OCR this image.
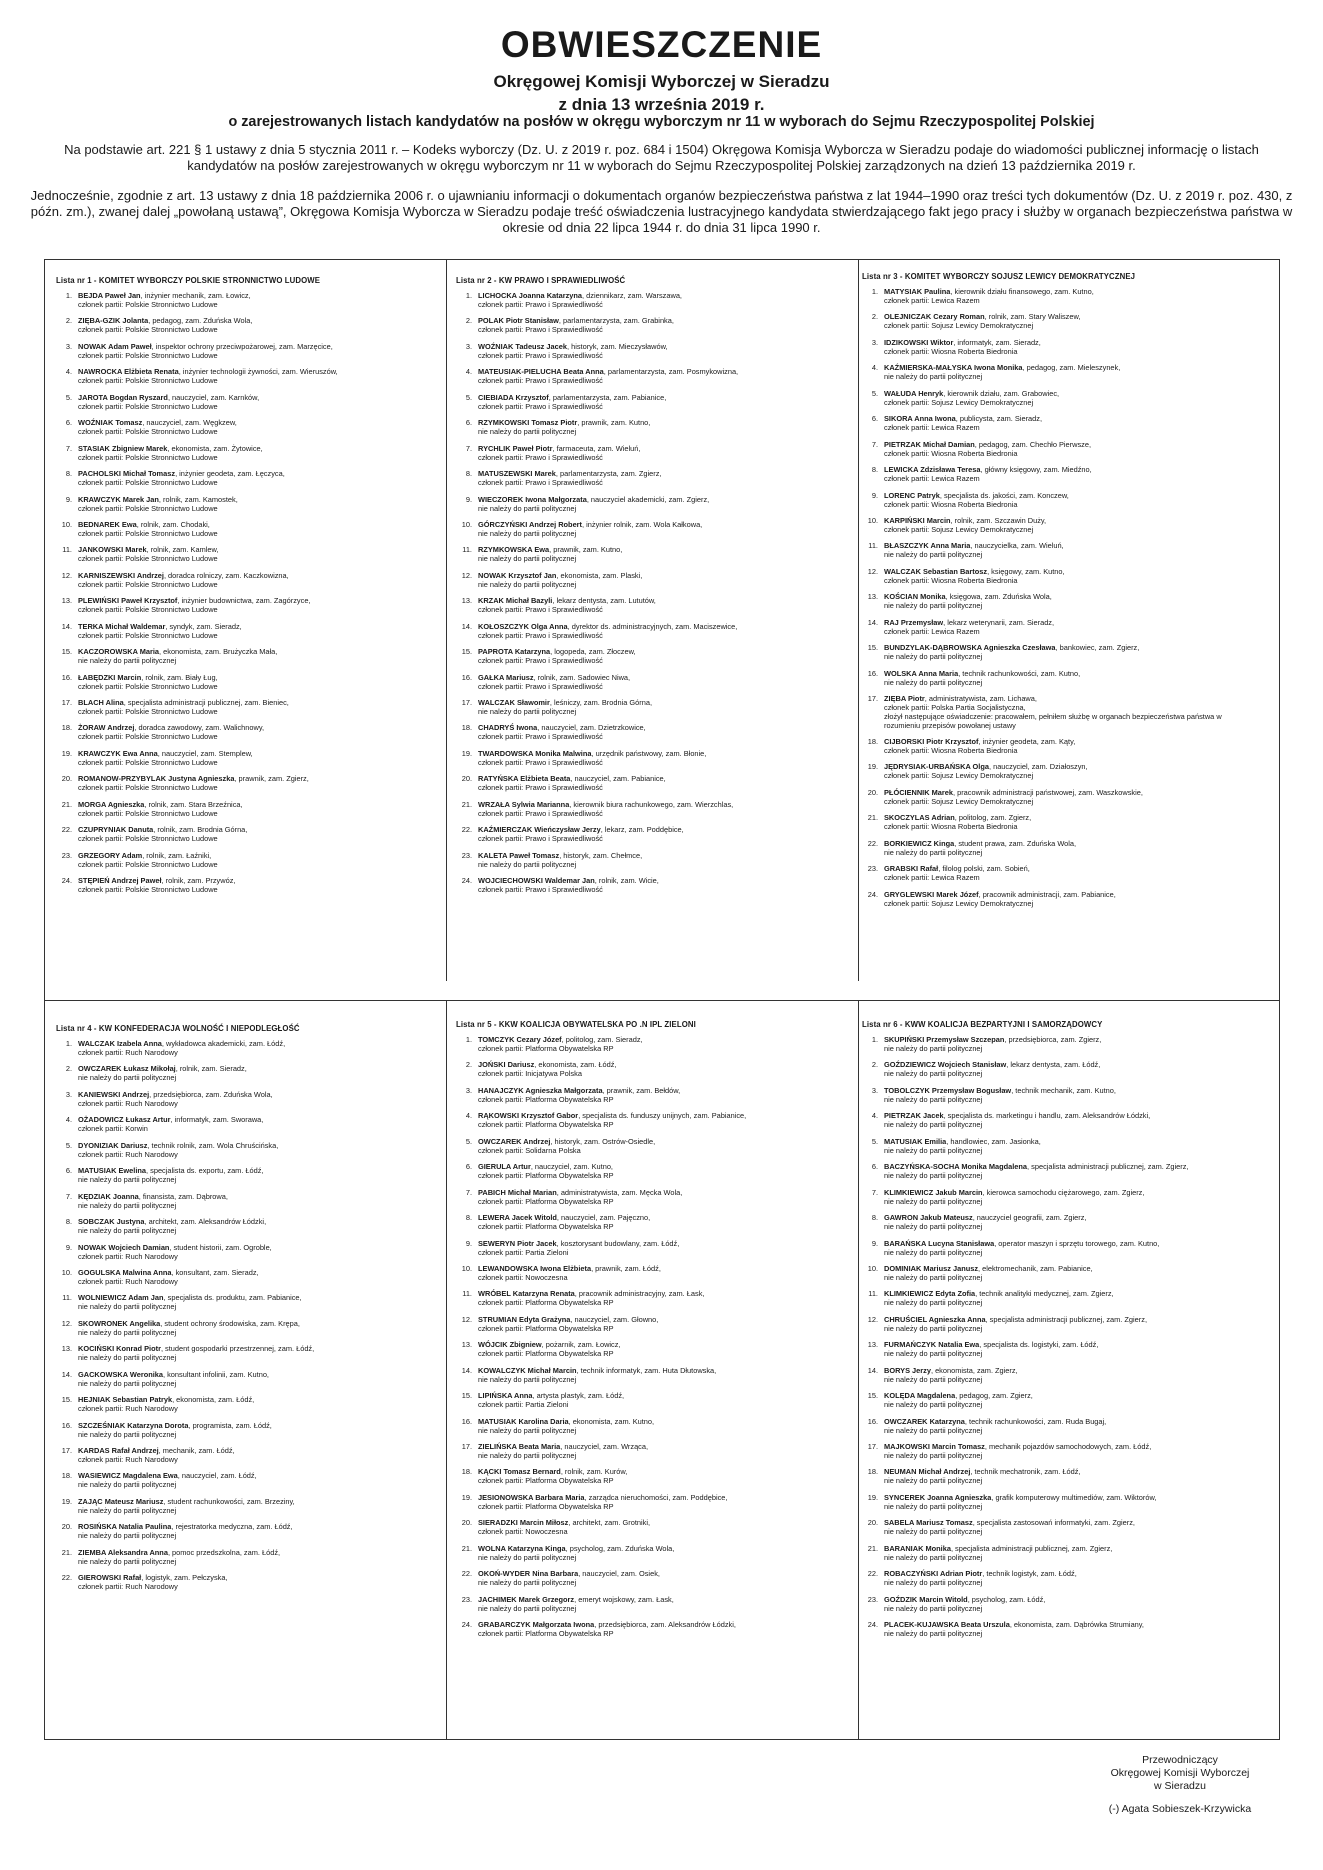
OBWIESZCZENIE
Okręgowej Komisji Wyborczej w Sieradzu
z dnia 13 września 2019 r.
o zarejestrowanych listach kandydatów na posłów w okręgu wyborczym nr 11 w wyborach do Sejmu Rzeczypospolitej Polskiej
Na podstawie art. 221 § 1 ustawy z dnia 5 stycznia 2011 r. – Kodeks wyborczy (Dz. U. z 2019 r. poz. 684 i 1504) Okręgowa Komisja Wyborcza w Sieradzu podaje do wiadomości publicznej informację o listach kandydatów na posłów zarejestrowanych w okręgu wyborczym nr 11 w wyborach do Sejmu Rzeczypospolitej Polskiej zarządzonych na dzień 13 października 2019 r.
Jednocześnie, zgodnie z art. 13 ustawy z dnia 18 października 2006 r. o ujawnianiu informacji o dokumentach organów bezpieczeństwa państwa z lat 1944–1990 oraz treści tych dokumentów (Dz. U. z 2019 r. poz. 430, z późn. zm.), zwanej dalej „powołaną ustawą”, Okręgowa Komisja Wyborcza w Sieradzu podaje treść oświadczenia lustracyjnego kandydata stwierdzającego fakt jego pracy i służby w organach bezpieczeństwa państwa w okresie od dnia 22 lipca 1944 r. do dnia 31 lipca 1990 r.
Lista nr 1 - KOMITET WYBORCZY POLSKIE STRONNICTWO LUDOWE
1. BEJDA Paweł Jan, inżynier mechanik, zam. Łowicz,
członek partii: Polskie Stronnictwo Ludowe
2. ZIĘBA-GZIK Jolanta, pedagog, zam. Zduńska Wola,
członek partii: Polskie Stronnictwo Ludowe
3. NOWAK Adam Paweł, inspektor ochrony przeciwpożarowej, zam. Marzęcice,
członek partii: Polskie Stronnictwo Ludowe
4. NAWROCKA Elżbieta Renata, inżynier technologii żywności, zam. Wieruszów,
członek partii: Polskie Stronnictwo Ludowe
5. JAROTA Bogdan Ryszard, nauczyciel, zam. Karnków,
członek partii: Polskie Stronnictwo Ludowe
6. WOŹNIAK Tomasz, nauczyciel, zam. Węgkzew,
członek partii: Polskie Stronnictwo Ludowe
7. STASIAK Zbigniew Marek, ekonomista, zam. Żytowice,
członek partii: Polskie Stronnictwo Ludowe
8. PACHOLSKI Michał Tomasz, inżynier geodeta, zam. Łęczyca,
członek partii: Polskie Stronnictwo Ludowe
9. KRAWCZYK Marek Jan, rolnik, zam. Kamostek,
członek partii: Polskie Stronnictwo Ludowe
10. BEDNAREK Ewa, rolnik, zam. Chodaki,
członek partii: Polskie Stronnictwo Ludowe
11. JANKOWSKI Marek, rolnik, zam. Kamlew,
członek partii: Polskie Stronnictwo Ludowe
12. KARNISZEWSKI Andrzej, doradca rolniczy, zam. Kaczkowizna,
członek partii: Polskie Stronnictwo Ludowe
13. PLEWIŃSKI Paweł Krzysztof, inżynier budownictwa, zam. Zagórzyce,
członek partii: Polskie Stronnictwo Ludowe
14. TERKA Michał Waldemar, syndyk, zam. Sieradz,
członek partii: Polskie Stronnictwo Ludowe
15. KACZOROWSKA Maria, ekonomista, zam. Brużyczka Mała,
nie należy do partii politycznej
16. ŁABĘDZKI Marcin, rolnik, zam. Biały Ług,
członek partii: Polskie Stronnictwo Ludowe
17. BLACH Alina, specjalista administracji publicznej, zam. Bieniec,
członek partii: Polskie Stronnictwo Ludowe
18. ŻORAW Andrzej, doradca zawodowy, zam. Walichnowy,
członek partii: Polskie Stronnictwo Ludowe
19. KRAWCZYK Ewa Anna, nauczyciel, zam. Stemplew,
członek partii: Polskie Stronnictwo Ludowe
20. ROMANOW-PRZYBYLAK Justyna Agnieszka, prawnik, zam. Zgierz,
członek partii: Polskie Stronnictwo Ludowe
21. MORGA Agnieszka, rolnik, zam. Stara Brzeźnica,
członek partii: Polskie Stronnictwo Ludowe
22. CZUPRYNIAK Danuta, rolnik, zam. Brodnia Górna,
członek partii: Polskie Stronnictwo Ludowe
23. GRZEGORY Adam, rolnik, zam. Łaźniki,
członek partii: Polskie Stronnictwo Ludowe
24. STĘPIEŃ Andrzej Paweł, rolnik, zam. Przywóz,
członek partii: Polskie Stronnictwo Ludowe
Lista nr 2 - KW PRAWO I SPRAWIEDLIWOŚĆ
1. LICHOCKA Joanna Katarzyna, dziennikarz, zam. Warszawa,
członek partii: Prawo i Sprawiedliwość
2. POLAK Piotr Stanisław, parlamentarzysta, zam. Grabinka,
członek partii: Prawo i Sprawiedliwość
3. WOŹNIAK Tadeusz Jacek, historyk, zam. Mieczysławów,
członek partii: Prawo i Sprawiedliwość
4. MATEUSIAK-PIELUCHA Beata Anna, parlamentarzysta, zam. Posmykowizna,
członek partii: Prawo i Sprawiedliwość
5. CIEBIADA Krzysztof, parlamentarzysta, zam. Pabianice,
członek partii: Prawo i Sprawiedliwość
6. RZYMKOWSKI Tomasz Piotr, prawnik, zam. Kutno,
nie należy do partii politycznej
7. RYCHLIK Paweł Piotr, farmaceuta, zam. Wieluń,
członek partii: Prawo i Sprawiedliwość
8. MATUSZEWSKI Marek, parlamentarzysta, zam. Zgierz,
członek partii: Prawo i Sprawiedliwość
9. WIECZOREK Iwona Małgorzata, nauczyciel akademicki, zam. Zgierz,
nie należy do partii politycznej
10. GÓRCZYŃSKI Andrzej Robert, inżynier rolnik, zam. Wola Kałkowa,
nie należy do partii politycznej
11. RZYMKOWSKA Ewa, prawnik, zam. Kutno,
nie należy do partii politycznej
12. NOWAK Krzysztof Jan, ekonomista, zam. Plaski,
nie należy do partii politycznej
13. KRZAK Michał Bazyli, lekarz dentysta, zam. Lututów,
członek partii: Prawo i Sprawiedliwość
14. KOŁOSZCZYK Olga Anna, dyrektor ds. administracyjnych, zam. Maciszewice,
członek partii: Prawo i Sprawiedliwość
15. PAPROTA Katarzyna, logopeda, zam. Złoczew,
członek partii: Prawo i Sprawiedliwość
16. GAŁKA Mariusz, rolnik, zam. Sadowiec Niwa,
członek partii: Prawo i Sprawiedliwość
17. WALCZAK Sławomir, leśniczy, zam. Brodnia Górna,
nie należy do partii politycznej
18. CHADRYŚ Iwona, nauczyciel, zam. Dzietrzkowice,
członek partii: Prawo i Sprawiedliwość
19. TWARDOWSKA Monika Malwina, urzędnik państwowy, zam. Błonie,
członek partii: Prawo i Sprawiedliwość
20. RATYŃSKA Elżbieta Beata, nauczyciel, zam. Pabianice,
członek partii: Prawo i Sprawiedliwość
21. WRZAŁA Sylwia Marianna, kierownik biura rachunkowego, zam. Wierzchlas,
członek partii: Prawo i Sprawiedliwość
22. KAŹMIERCZAK Wieńczysław Jerzy, lekarz, zam. Poddębice,
członek partii: Prawo i Sprawiedliwość
23. KALETA Paweł Tomasz, historyk, zam. Chełmce,
nie należy do partii politycznej
24. WOJCIECHOWSKI Waldemar Jan, rolnik, zam. Wicie,
członek partii: Prawo i Sprawiedliwość
Lista nr 3 - KOMITET WYBORCZY SOJUSZ LEWICY DEMOKRATYCZNEJ
1. MATYSIAK Paulina, kierownik działu finansowego, zam. Kutno,
członek partii: Lewica Razem
2. OLEJNICZAK Cezary Roman, rolnik, zam. Stary Waliszew,
członek partii: Sojusz Lewicy Demokratycznej
3. IDZIKOWSKI Wiktor, informatyk, zam. Sieradz,
członek partii: Wiosna Roberta Biedronia
4. KAŹMIERSKA-MAŁYSKA Iwona Monika, pedagog, zam. Mieleszynek,
nie należy do partii politycznej
5. WAŁUDA Henryk, kierownik działu, zam. Grabowiec,
członek partii: Sojusz Lewicy Demokratycznej
6. SIKORA Anna Iwona, publicysta, zam. Sieradz,
członek partii: Lewica Razem
7. PIETRZAK Michał Damian, pedagog, zam. Chechło Pierwsze,
członek partii: Wiosna Roberta Biedronia
8. LEWICKA Zdzisława Teresa, główny księgowy, zam. Miedźno,
członek partii: Lewica Razem
9. LORENC Patryk, specjalista ds. jakości, zam. Konczew,
członek partii: Wiosna Roberta Biedronia
10. KARPIŃSKI Marcin, rolnik, zam. Szczawin Duży,
członek partii: Sojusz Lewicy Demokratycznej
11. BŁASZCZYK Anna Maria, nauczycielka, zam. Wieluń,
nie należy do partii politycznej
12. WALCZAK Sebastian Bartosz, księgowy, zam. Kutno,
członek partii: Wiosna Roberta Biedronia
13. KOŚCIAN Monika, księgowa, zam. Zduńska Wola,
nie należy do partii politycznej
14. RAJ Przemysław, lekarz weterynarii, zam. Sieradz,
członek partii: Lewica Razem
15. BUNDZYLAK-DĄBROWSKA Agnieszka Czesława, bankowiec, zam. Zgierz,
nie należy do partii politycznej
16. WOLSKA Anna Maria, technik rachunkowości, zam. Kutno,
nie należy do partii politycznej
17. ZIĘBA Piotr, administratywista, zam. Lichawa,
członek partii: Polska Partia Socjalistyczna,
złożył następujące oświadczenie: pracowałem, pełniłem służbę w organach bezpieczeństwa państwa w rozumieniu przepisów powołanej ustawy
18. CIJBORSKI Piotr Krzysztof, inżynier geodeta, zam. Kąty,
członek partii: Wiosna Roberta Biedronia
19. JĘDRYSIAK-URBAŃSKA Olga, nauczyciel, zam. Działoszyn,
członek partii: Sojusz Lewicy Demokratycznej
20. PŁÓCIENNIK Marek, pracownik administracji państwowej, zam. Waszkowskie,
członek partii: Sojusz Lewicy Demokratycznej
21. SKOCZYLAS Adrian, politolog, zam. Zgierz,
członek partii: Wiosna Roberta Biedronia
22. BORKIEWICZ Kinga, student prawa, zam. Zduńska Wola,
nie należy do partii politycznej
23. GRABSKI Rafał, filolog polski, zam. Sobień,
członek partii: Lewica Razem
24. GRYGLEWSKI Marek Józef, pracownik administracji, zam. Pabianice,
członek partii: Sojusz Lewicy Demokratycznej
Lista nr 4 - KW KONFEDERACJA WOLNOŚĆ I NIEPODLEGŁOŚĆ
1. WALCZAK Izabela Anna, wykładowca akademicki, zam. Łódź,
członek partii: Ruch Narodowy
2. OWCZAREK Łukasz Mikołaj, rolnik, zam. Sieradz,
nie należy do partii politycznej
3. KANIEWSKI Andrzej, przedsiębiorca, zam. Zduńska Wola,
członek partii: Ruch Narodowy
4. OŻADOWICZ Łukasz Artur, informatyk, zam. Sworawa,
członek partii: Korwin
5. DYONIZIAK Dariusz, technik rolnik, zam. Wola Chruścińska,
członek partii: Ruch Narodowy
6. MATUSIAK Ewelina, specjalista ds. exportu, zam. Łódź,
nie należy do partii politycznej
7. KĘDZIAK Joanna, finansista, zam. Dąbrowa,
nie należy do partii politycznej
8. SOBCZAK Justyna, architekt, zam. Aleksandrów Łódzki,
nie należy do partii politycznej
9. NOWAK Wojciech Damian, student historii, zam. Ogroble,
członek partii: Ruch Narodowy
10. GOGULSKA Malwina Anna, konsultant, zam. Sieradz,
członek partii: Ruch Narodowy
11. WOLNIEWICZ Adam Jan, specjalista ds. produktu, zam. Pabianice,
nie należy do partii politycznej
12. SKOWRONEK Angelika, student ochrony środowiska, zam. Krępa,
nie należy do partii politycznej
13. KOCIŃSKI Konrad Piotr, student gospodarki przestrzennej, zam. Łódź,
nie należy do partii politycznej
14. GACKOWSKA Weronika, konsultant infolinii, zam. Kutno,
nie należy do partii politycznej
15. HEJNIAK Sebastian Patryk, ekonomista, zam. Łódź,
członek partii: Ruch Narodowy
16. SZCZEŚNIAK Katarzyna Dorota, programista, zam. Łódź,
nie należy do partii politycznej
17. KARDAS Rafał Andrzej, mechanik, zam. Łódź,
członek partii: Ruch Narodowy
18. WASIEWICZ Magdalena Ewa, nauczyciel, zam. Łódź,
nie należy do partii politycznej
19. ZAJĄC Mateusz Mariusz, student rachunkowości, zam. Brzeziny,
nie należy do partii politycznej
20. ROSIŃSKA Natalia Paulina, rejestratorka medyczna, zam. Łódź,
nie należy do partii politycznej
21. ZIEMBA Aleksandra Anna, pomoc przedszkolna, zam. Łódź,
nie należy do partii politycznej
22. GIEROWSKI Rafał, logistyk, zam. Pełczyska,
członek partii: Ruch Narodowy
Lista nr 5 - KKW KOALICJA OBYWATELSKA PO .N IPL ZIELONI
1. TOMCZYK Cezary Józef, politolog, zam. Sieradz,
członek partii: Platforma Obywatelska RP
2. JOŃSKI Dariusz, ekonomista, zam. Łódź,
członek partii: Inicjatywa Polska
3. HANAJCZYK Agnieszka Małgorzata, prawnik, zam. Bełdów,
członek partii: Platforma Obywatelska RP
4. RĄKOWSKI Krzysztof Gabor, specjalista ds. funduszy unijnych, zam. Pabianice,
członek partii: Platforma Obywatelska RP
5. OWCZAREK Andrzej, historyk, zam. Ostrów-Osiedle,
członek partii: Solidarna Polska
6. GIERULA Artur, nauczyciel, zam. Kutno,
członek partii: Platforma Obywatelska RP
7. PABICH Michał Marian, administratywista, zam. Męcka Wola,
członek partii: Platforma Obywatelska RP
8. LEWERA Jacek Witold, nauczyciel, zam. Pajęczno,
członek partii: Platforma Obywatelska RP
9. SEWERYN Piotr Jacek, kosztorysant budowlany, zam. Łódź,
członek partii: Partia Zieloni
10. LEWANDOWSKA Iwona Elżbieta, prawnik, zam. Łódź,
członek partii: Nowoczesna
11. WRÓBEL Katarzyna Renata, pracownik administracyjny, zam. Łask,
członek partii: Platforma Obywatelska RP
12. STRUMIAN Edyta Grażyna, nauczyciel, zam. Głowno,
członek partii: Platforma Obywatelska RP
13. WÓJCIK Zbigniew, pożarnik, zam. Łowicz,
członek partii: Platforma Obywatelska RP
14. KOWALCZYK Michał Marcin, technik informatyk, zam. Huta Dłutowska,
nie należy do partii politycznej
15. LIPIŃSKA Anna, artysta plastyk, zam. Łódź,
członek partii: Partia Zieloni
16. MATUSIAK Karolina Daria, ekonomista, zam. Kutno,
nie należy do partii politycznej
17. ZIELIŃSKA Beata Maria, nauczyciel, zam. Wrząca,
nie należy do partii politycznej
18. KĄCKI Tomasz Bernard, rolnik, zam. Kurów,
członek partii: Platforma Obywatelska RP
19. JESIONOWSKA Barbara Maria, zarządca nieruchomości, zam. Poddębice,
członek partii: Platforma Obywatelska RP
20. SIERADZKI Marcin Miłosz, architekt, zam. Grotniki,
członek partii: Nowoczesna
21. WOLNA Katarzyna Kinga, psycholog, zam. Zduńska Wola,
nie należy do partii politycznej
22. OKOŃ-WYDER Nina Barbara, nauczyciel, zam. Osiek,
nie należy do partii politycznej
23. JACHIMEK Marek Grzegorz, emeryt wojskowy, zam. Łask,
nie należy do partii politycznej
24. GRABARCZYK Małgorzata Iwona, przedsiębiorca, zam. Aleksandrów Łódzki,
członek partii: Platforma Obywatelska RP
Lista nr 6 - KWW KOALICJA BEZPARTYJNI I SAMORZĄDOWCY
1. SKUPIŃSKI Przemysław Szczepan, przedsiębiorca, zam. Zgierz,
nie należy do partii politycznej
2. GOŹDZIEWICZ Wojciech Stanisław, lekarz dentysta, zam. Łódź,
nie należy do partii politycznej
3. TOBOLCZYK Przemysław Bogusław, technik mechanik, zam. Kutno,
nie należy do partii politycznej
4. PIETRZAK Jacek, specjalista ds. marketingu i handlu, zam. Aleksandrów Łódzki,
nie należy do partii politycznej
5. MATUSIAK Emilia, handlowiec, zam. Jasionka,
nie należy do partii politycznej
6. BACZYŃSKA-SOCHA Monika Magdalena, specjalista administracji publicznej, zam. Zgierz,
nie należy do partii politycznej
7. KLIMKIEWICZ Jakub Marcin, kierowca samochodu ciężarowego, zam. Zgierz,
nie należy do partii politycznej
8. GAWRON Jakub Mateusz, nauczyciel geografii, zam. Zgierz,
nie należy do partii politycznej
9. BARAŃSKA Lucyna Stanisława, operator maszyn i sprzętu torowego, zam. Kutno,
nie należy do partii politycznej
10. DOMINIAK Mariusz Janusz, elektromechanik, zam. Pabianice,
nie należy do partii politycznej
11. KLIMKIEWICZ Edyta Zofia, technik analityki medycznej, zam. Zgierz,
nie należy do partii politycznej
12. CHRUŚCIEL Agnieszka Anna, specjalista administracji publicznej, zam. Zgierz,
nie należy do partii politycznej
13. FURMAŃCZYK Natalia Ewa, specjalista ds. logistyki, zam. Łódź,
nie należy do partii politycznej
14. BORYS Jerzy, ekonomista, zam. Zgierz,
nie należy do partii politycznej
15. KOLĘDA Magdalena, pedagog, zam. Zgierz,
nie należy do partii politycznej
16. OWCZAREK Katarzyna, technik rachunkowości, zam. Ruda Bugaj,
nie należy do partii politycznej
17. MAJKOWSKI Marcin Tomasz, mechanik pojazdów samochodowych, zam. Łódź,
nie należy do partii politycznej
18. NEUMAN Michał Andrzej, technik mechatronik, zam. Łódź,
nie należy do partii politycznej
19. SYNCEREK Joanna Agnieszka, grafik komputerowy multimediów, zam. Wiktorów,
nie należy do partii politycznej
20. SABELA Mariusz Tomasz, specjalista zastosowań informatyki, zam. Zgierz,
nie należy do partii politycznej
21. BARANIAK Monika, specjalista administracji publicznej, zam. Zgierz,
nie należy do partii politycznej
22. ROBACZYŃSKI Adrian Piotr, technik logistyk, zam. Łódź,
nie należy do partii politycznej
23. GOŹDZIK Marcin Witold, psycholog, zam. Łódź,
nie należy do partii politycznej
24. PLACEK-KUJAWSKA Beata Urszula, ekonomista, zam. Dąbrówka Strumiany,
nie należy do partii politycznej
Przewodniczący
Okręgowej Komisji Wyborczej
w Sieradzu
(-) Agata Sobieszek-Krzywicka
